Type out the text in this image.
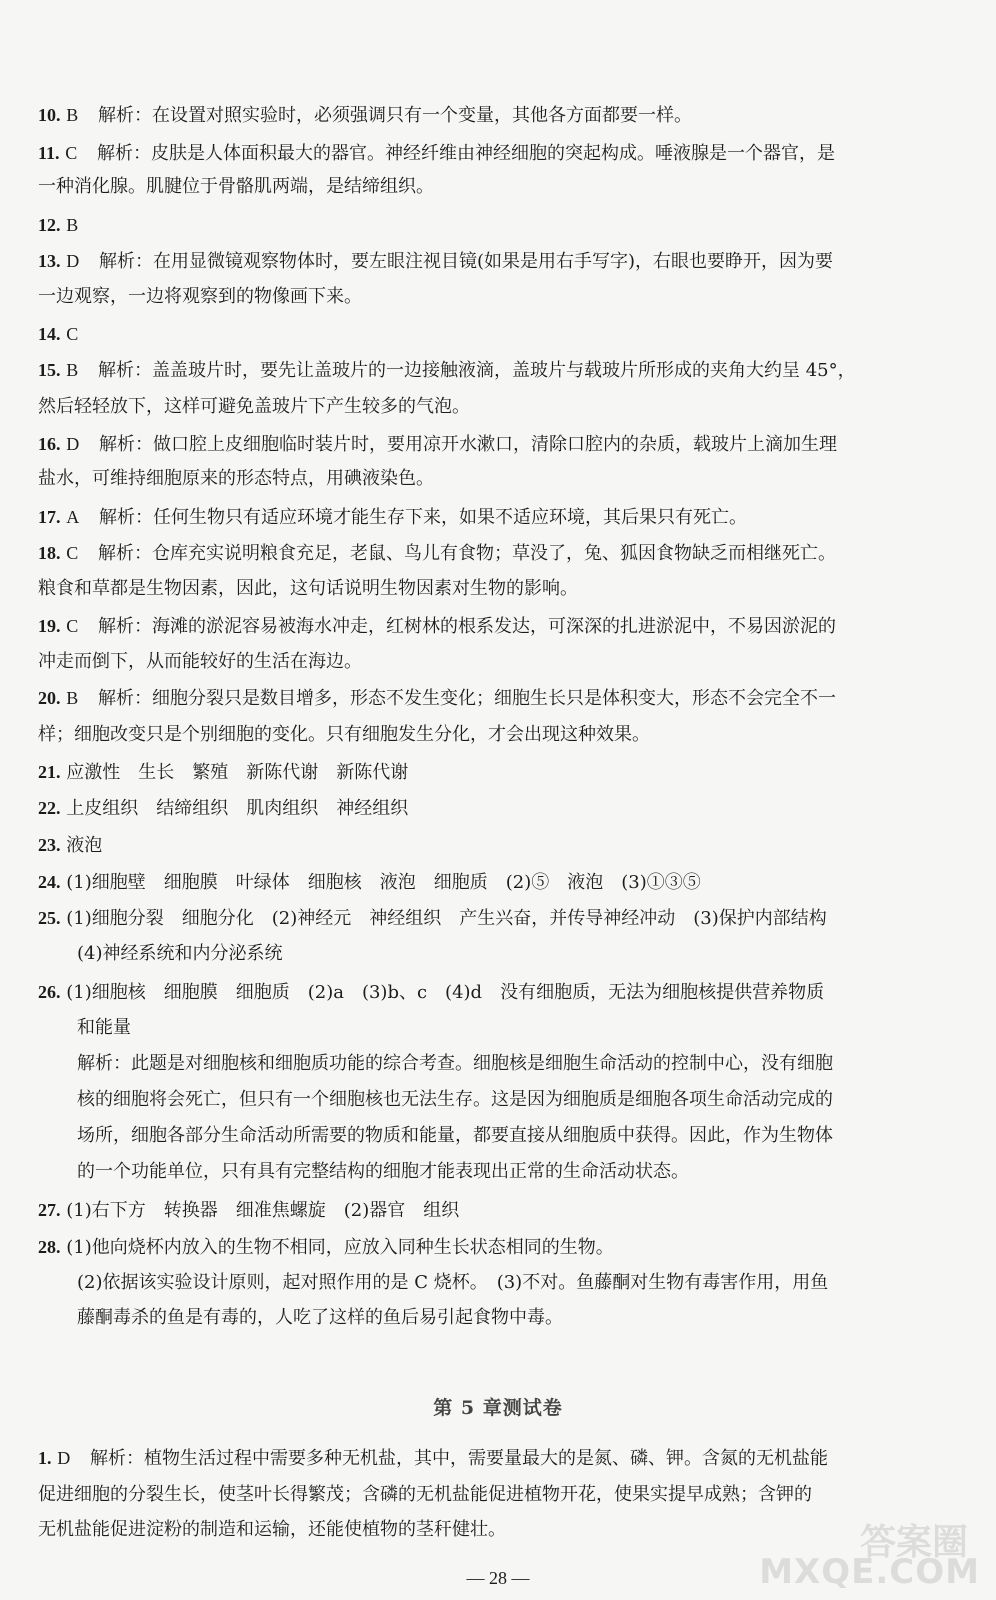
10. B 解析：在设置对照实验时，必须强调只有一个变量，其他各方面都要一样。
11. C 解析：皮肤是人体面积最大的器官。神经纤维由神经细胞的突起构成。唾液腺是一个器官，是
一种消化腺。肌腱位于骨骼肌两端，是结缔组织。
12. B
13. D 解析：在用显微镜观察物体时，要左眼注视目镜(如果是用右手写字)，右眼也要睁开，因为要
一边观察，一边将观察到的物像画下来。
14. C
15. B 解析：盖盖玻片时，要先让盖玻片的一边接触液滴，盖玻片与载玻片所形成的夹角大约呈 45°，
然后轻轻放下，这样可避免盖玻片下产生较多的气泡。
16. D 解析：做口腔上皮细胞临时装片时，要用凉开水漱口，清除口腔内的杂质，载玻片上滴加生理
盐水，可维持细胞原来的形态特点，用碘液染色。
17. A 解析：任何生物只有适应环境才能生存下来，如果不适应环境，其后果只有死亡。
18. C 解析：仓库充实说明粮食充足，老鼠、鸟儿有食物；草没了，兔、狐因食物缺乏而相继死亡。
粮食和草都是生物因素，因此，这句话说明生物因素对生物的影响。
19. C 解析：海滩的淤泥容易被海水冲走，红树林的根系发达，可深深的扎进淤泥中，不易因淤泥的
冲走而倒下，从而能较好的生活在海边。
20. B 解析：细胞分裂只是数目增多，形态不发生变化；细胞生长只是体积变大，形态不会完全不一
样；细胞改变只是个别细胞的变化。只有细胞发生分化，才会出现这种效果。
21. 应激性　生长　繁殖　新陈代谢　新陈代谢
22. 上皮组织　结缔组织　肌肉组织　神经组织
23. 液泡
24. (1)细胞壁　细胞膜　叶绿体　细胞核　液泡　细胞质　(2)⑤　液泡　(3)①③⑤
25. (1)细胞分裂　细胞分化　(2)神经元　神经组织　产生兴奋，并传导神经冲动　(3)保护内部结构
(4)神经系统和内分泌系统
26. (1)细胞核　细胞膜　细胞质　(2)a　(3)b、c　(4)d　没有细胞质，无法为细胞核提供营养物质
和能量
解析：此题是对细胞核和细胞质功能的综合考查。细胞核是细胞生命活动的控制中心，没有细胞
核的细胞将会死亡，但只有一个细胞核也无法生存。这是因为细胞质是细胞各项生命活动完成的
场所，细胞各部分生命活动所需要的物质和能量，都要直接从细胞质中获得。因此，作为生物体
的一个功能单位，只有具有完整结构的细胞才能表现出正常的生命活动状态。
27. (1)右下方　转换器　细准焦螺旋　(2)器官　组织
28. (1)他向烧杯内放入的生物不相同，应放入同种生长状态相同的生物。
(2)依据该实验设计原则，起对照作用的是 C 烧杯。　(3)不对。鱼藤酮对生物有毒害作用，用鱼
藤酮毒杀的鱼是有毒的，人吃了这样的鱼后易引起食物中毒。
第 5 章测试卷
1. D 解析：植物生活过程中需要多种无机盐，其中，需要量最大的是氮、磷、钾。含氮的无机盐能
促进细胞的分裂生长，使茎叶长得繁茂；含磷的无机盐能促进植物开花，使果实提早成熟；含钾的
无机盐能促进淀粉的制造和运输，还能使植物的茎秆健壮。
— 28 —
答案圈
MXQE.COM
